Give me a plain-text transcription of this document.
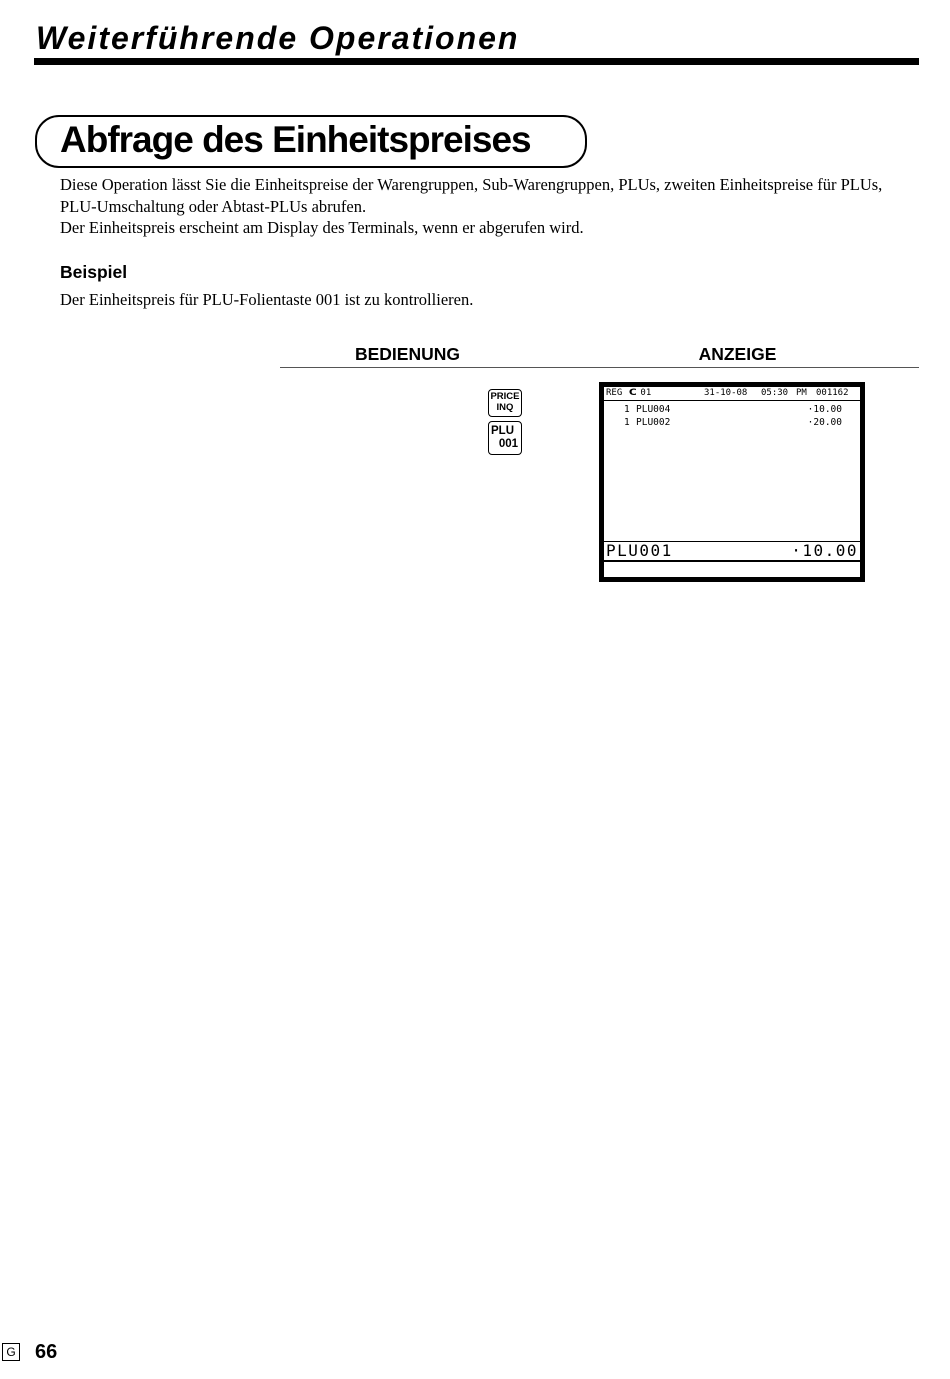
Weiterführende Operationen
Abfrage des Einheitspreises

Diese Operation lässt Sie die Einheitspreise der Warengruppen, Sub-Warengruppen, PLUs, zweiten Einheitspreise für PLUs, PLU-Umschaltung oder Abtast-PLUs abrufen.

Der Einheitspreis erscheint am Display des Terminals, wenn er abgerufen wird.

Beispiel
Der Einheitspreis für PLU-Folientaste 001 ist zu kontrollieren.
BEDIENUNG	ANZEIGE
PRICE
INQ
PLU
001
REG C 01	31-10-08 05:30 PM 001162
1 PLU004	·10.00
1 PLU002	·20.00
PLU001	·10.00
G 66
